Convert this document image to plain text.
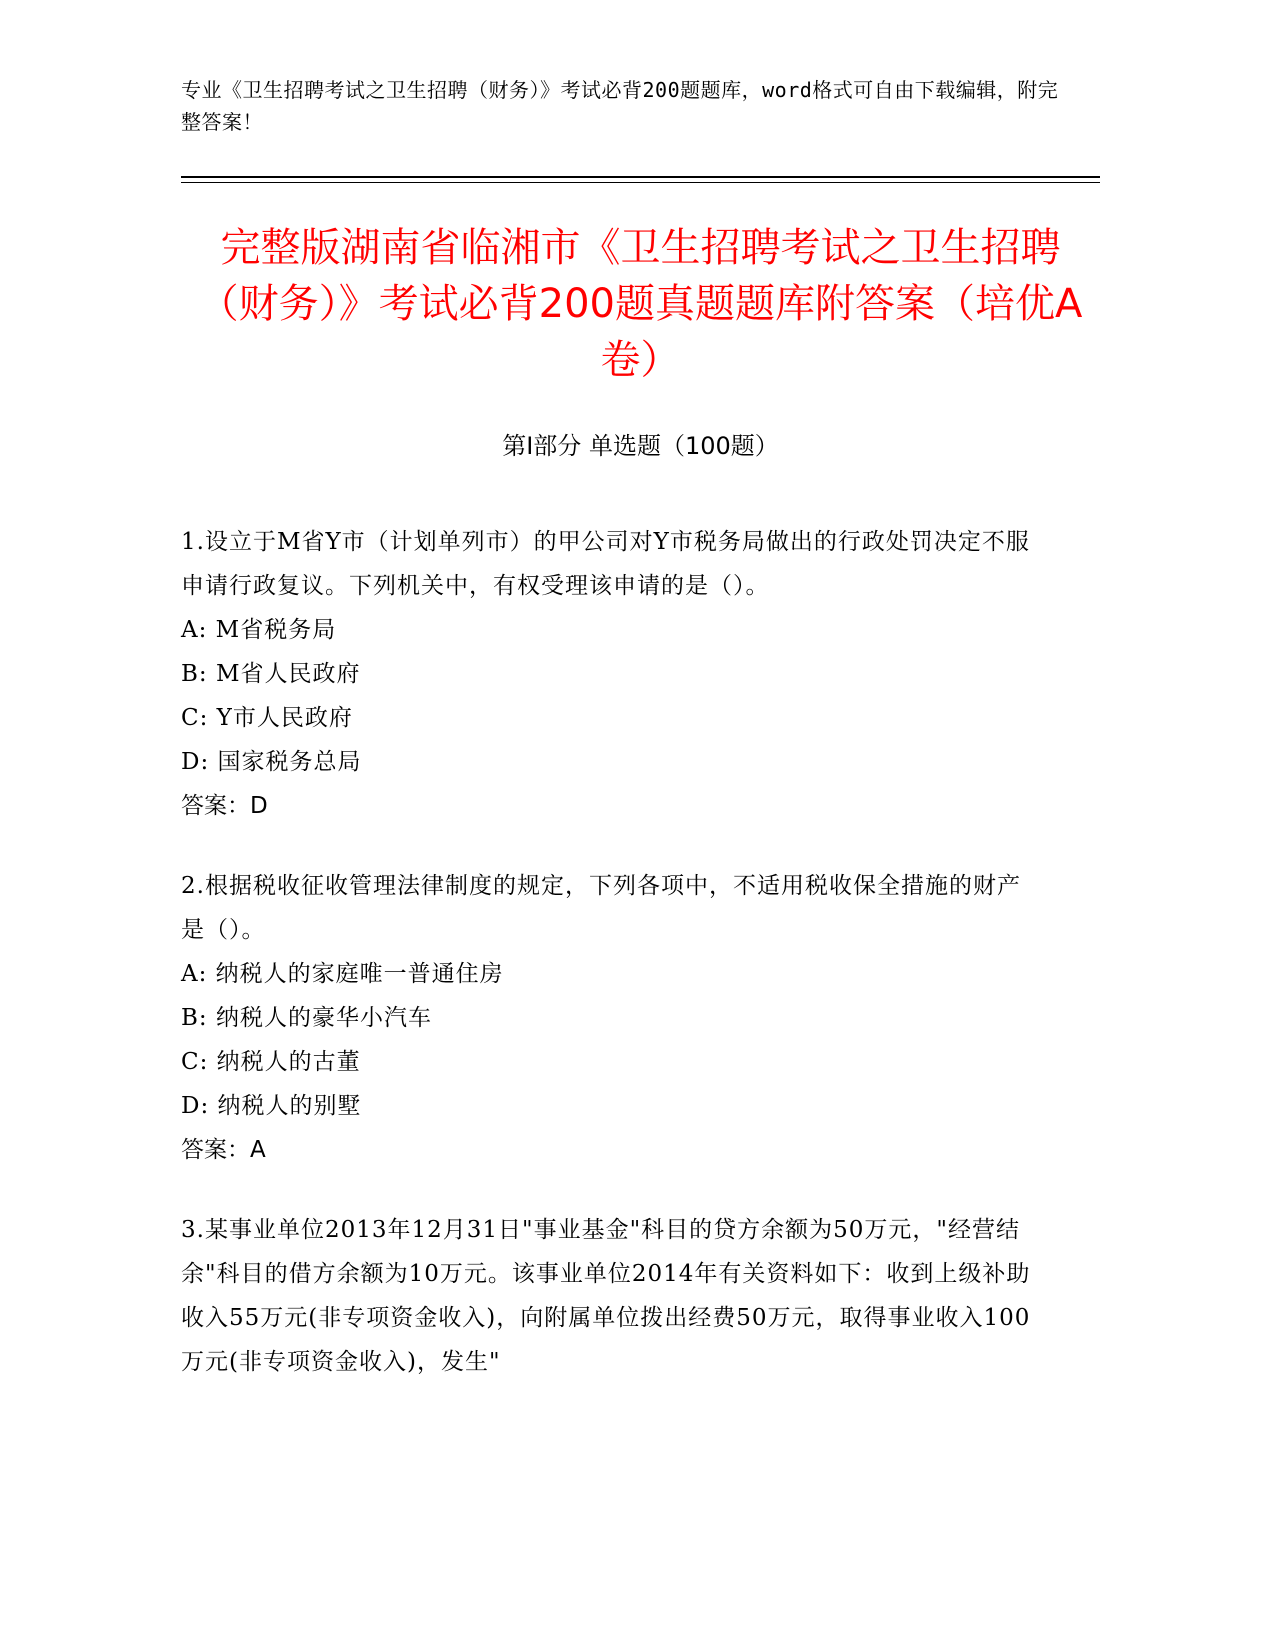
专业《卫生招聘考试之卫生招聘（财务）》考试必背200题题库，word格式可自由下载编辑，附完整答案！
完整版湖南省临湘市《卫生招聘考试之卫生招聘（财务）》考试必背200题真题题库附答案（培优A卷）
第I部分 单选题（100题）
1.设立于M省Y市（计划单列市）的甲公司对Y市税务局做出的行政处罚决定不服申请行政复议。下列机关中，有权受理该申请的是（）。
A: M省税务局
B: M省人民政府
C: Y市人民政府
D: 国家税务总局
答案：D
2.根据税收征收管理法律制度的规定，下列各项中，不适用税收保全措施的财产是（）。
A: 纳税人的家庭唯一普通住房
B: 纳税人的豪华小汽车
C: 纳税人的古董
D: 纳税人的别墅
答案：A
3.某事业单位2013年12月31日"事业基金"科目的贷方余额为50万元，"经营结余"科目的借方余额为10万元。该事业单位2014年有关资料如下：收到上级补助收入55万元(非专项资金收入)，向附属单位拨出经费50万元，取得事业收入100万元(非专项资金收入)，发生"
